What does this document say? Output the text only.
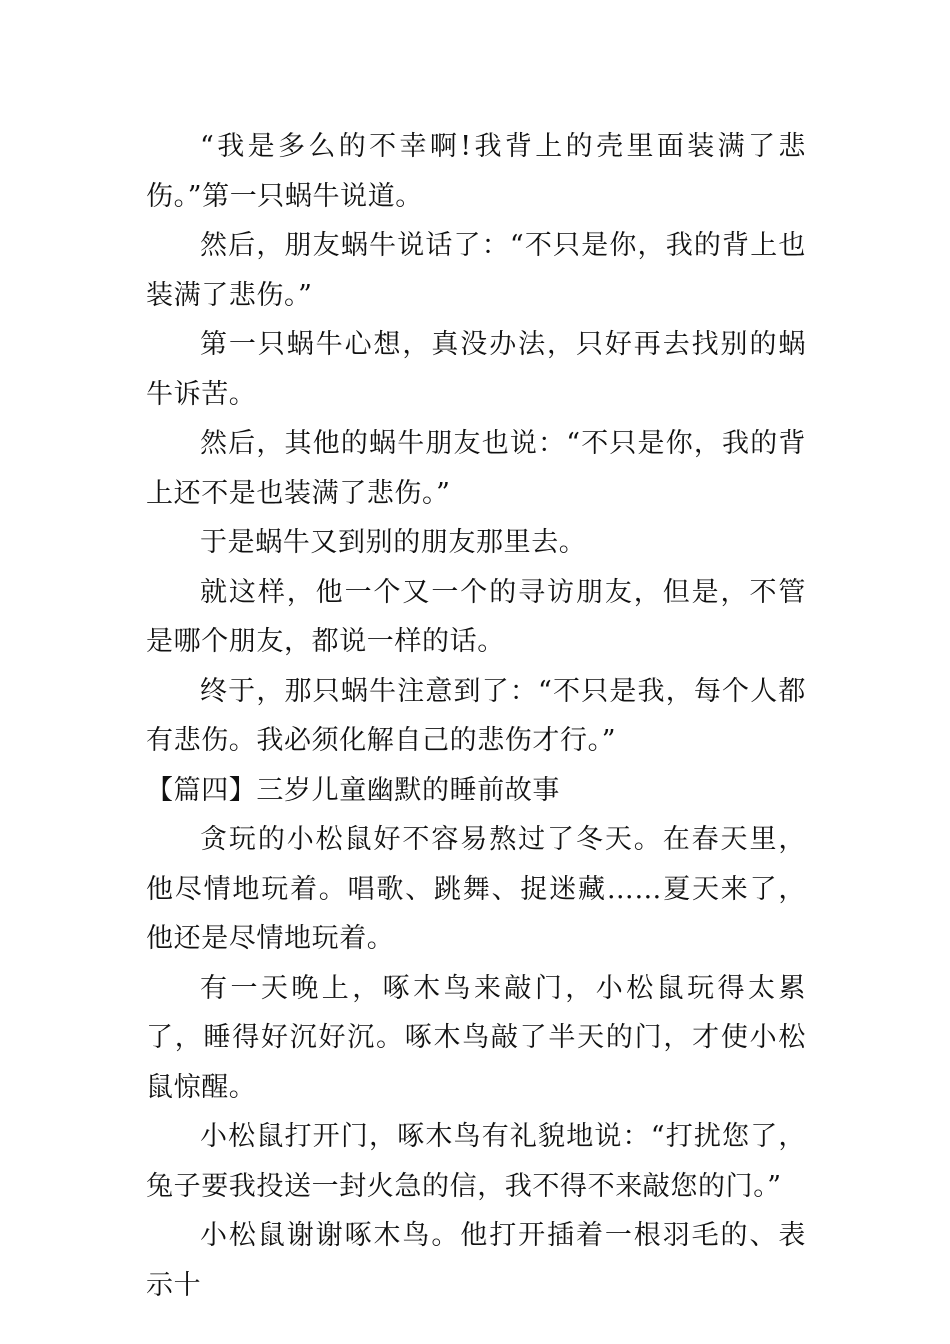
“我是多么的不幸啊!我背上的壳里面装满了悲伤。”第一只蜗牛说道。

然后，朋友蜗牛说话了：“不只是你，我的背上也装满了悲伤。”

第一只蜗牛心想，真没办法，只好再去找别的蜗牛诉苦。

然后，其他的蜗牛朋友也说：“不只是你，我的背上还不是也装满了悲伤。”

于是蜗牛又到别的朋友那里去。

就这样，他一个又一个的寻访朋友，但是，不管是哪个朋友，都说一样的话。

终于，那只蜗牛注意到了：“不只是我，每个人都有悲伤。我必须化解自己的悲伤才行。”

【篇四】三岁儿童幽默的睡前故事

贪玩的小松鼠好不容易熬过了冬天。在春天里，他尽情地玩着。唱歌、跳舞、捉迷藏……夏天来了，他还是尽情地玩着。

有一天晚上，啄木鸟来敲门，小松鼠玩得太累了，睡得好沉好沉。啄木鸟敲了半天的门，才使小松鼠惊醒。

小松鼠打开门，啄木鸟有礼貌地说：“打扰您了，兔子要我投送一封火急的信，我不得不来敲您的门。”

小松鼠谢谢啄木鸟。他打开插着一根羽毛的、表示十
